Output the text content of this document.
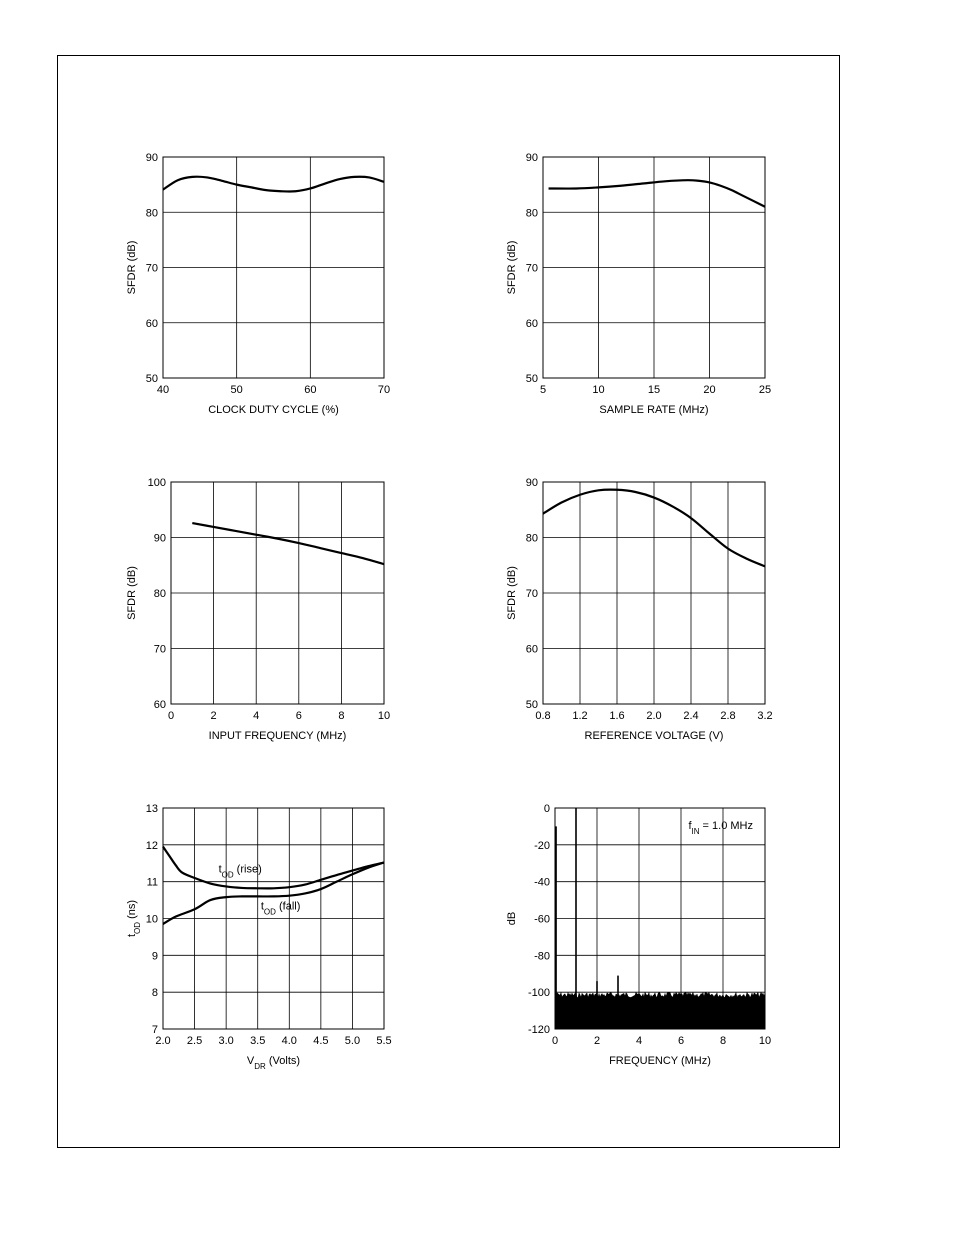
40	50	60	70
50
60
70
80
90
CLOCK DUTY CYCLE (%)
SFDR (dB)
5	10	15	20	25
50
60
70
80
90
SAMPLE RATE (MHz)
SFDR (dB)
0	2	4	6	8	10
60
70
80
90
100
INPUT FREQUENCY (MHz)
SFDR (dB)
0.8 1.2 1.6 2.0 2.4 2.8 3.2
50
60
70
80
90
REFERENCE VOLTAGE (V)
SFDR (dB)
2.0 2.5 3.0 3.5 4.0 4.5 5.0 5.5
7
8
9
10
11
12
13
$V_{DR}$ (Volts)
$t_{OD}$ (ns)
$t_{OD}$ (rise)
$t_{OD}$ (fall)
0	2	4	6	8	10
-120
-100
-80
-60
-40
-20
0
FREQUENCY (MHz)
dB
$f_{IN} = 1.0$ MHz
